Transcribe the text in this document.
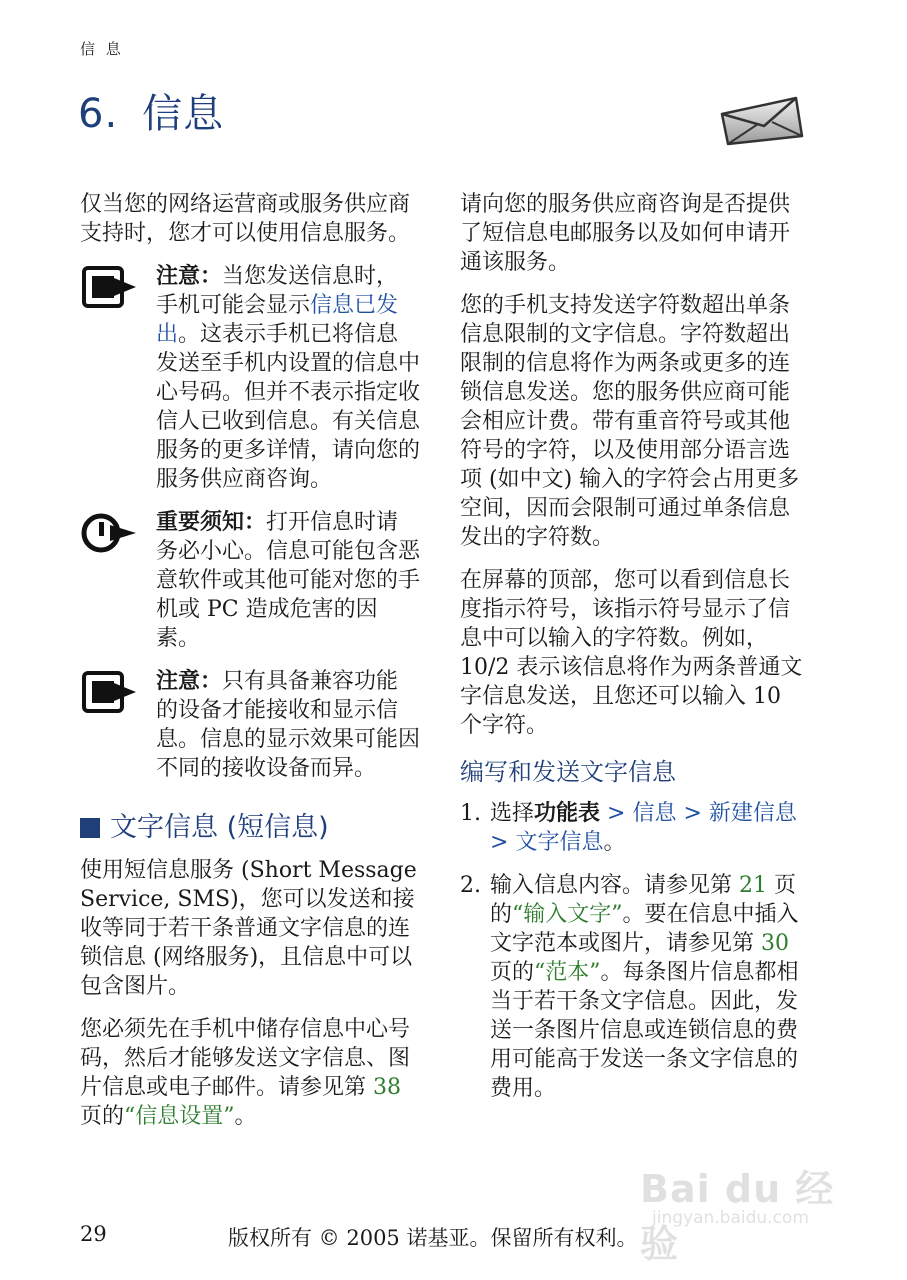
信 息
6. 信息

仅当您的网络运营商或服务供应商支持时，您才可以使用信息服务。

注意：当您发送信息时，手机可能会显示信息已发出。这表示手机已将信息发送至手机内设置的信息中心号码。但并不表示指定收信人已收到信息。有关信息服务的更多详情，请向您的服务供应商咨询。

重要须知：打开信息时请务必小心。信息可能包含恶意软件或其他可能对您的手机或 PC 造成危害的因素。

注意：只有具备兼容功能的设备才能接收和显示信息。信息的显示效果可能因不同的接收设备而异。

文字信息 (短信息)

使用短信息服务 (Short Message Service, SMS)，您可以发送和接收等同于若干条普通文字信息的连锁信息 (网络服务)，且信息中可以包含图片。

您必须先在手机中储存信息中心号码，然后才能够发送文字信息、图片信息或电子邮件。请参见第 38 页的“信息设置”。

请向您的服务供应商咨询是否提供了短信息电邮服务以及如何申请开通该服务。

您的手机支持发送字符数超出单条信息限制的文字信息。字符数超出限制的信息将作为两条或更多的连锁信息发送。您的服务供应商可能会相应计费。带有重音符号或其他符号的字符，以及使用部分语言选项 (如中文) 输入的字符会占用更多空间，因而会限制可通过单条信息发出的字符数。

在屏幕的顶部，您可以看到信息长度指示符号，该指示符号显示了信息中可以输入的字符数。例如，10/2 表示该信息将作为两条普通文字信息发送，且您还可以输入 10 个字符。

编写和发送文字信息
1. 选择功能表 > 信息 > 新建信息 > 文字信息。
2. 输入信息内容。请参见第 21 页的“输入文字”。要在信息中插入文字范本或图片，请参见第 30 页的“范本”。每条图片信息都相当于若干条文字信息。因此，发送一条图片信息或连锁信息的费用可能高于发送一条文字信息的费用。
29	版权所有 © 2005 诺基亚。保留所有权利。
Bai du 经验
jingyan.baidu.com
